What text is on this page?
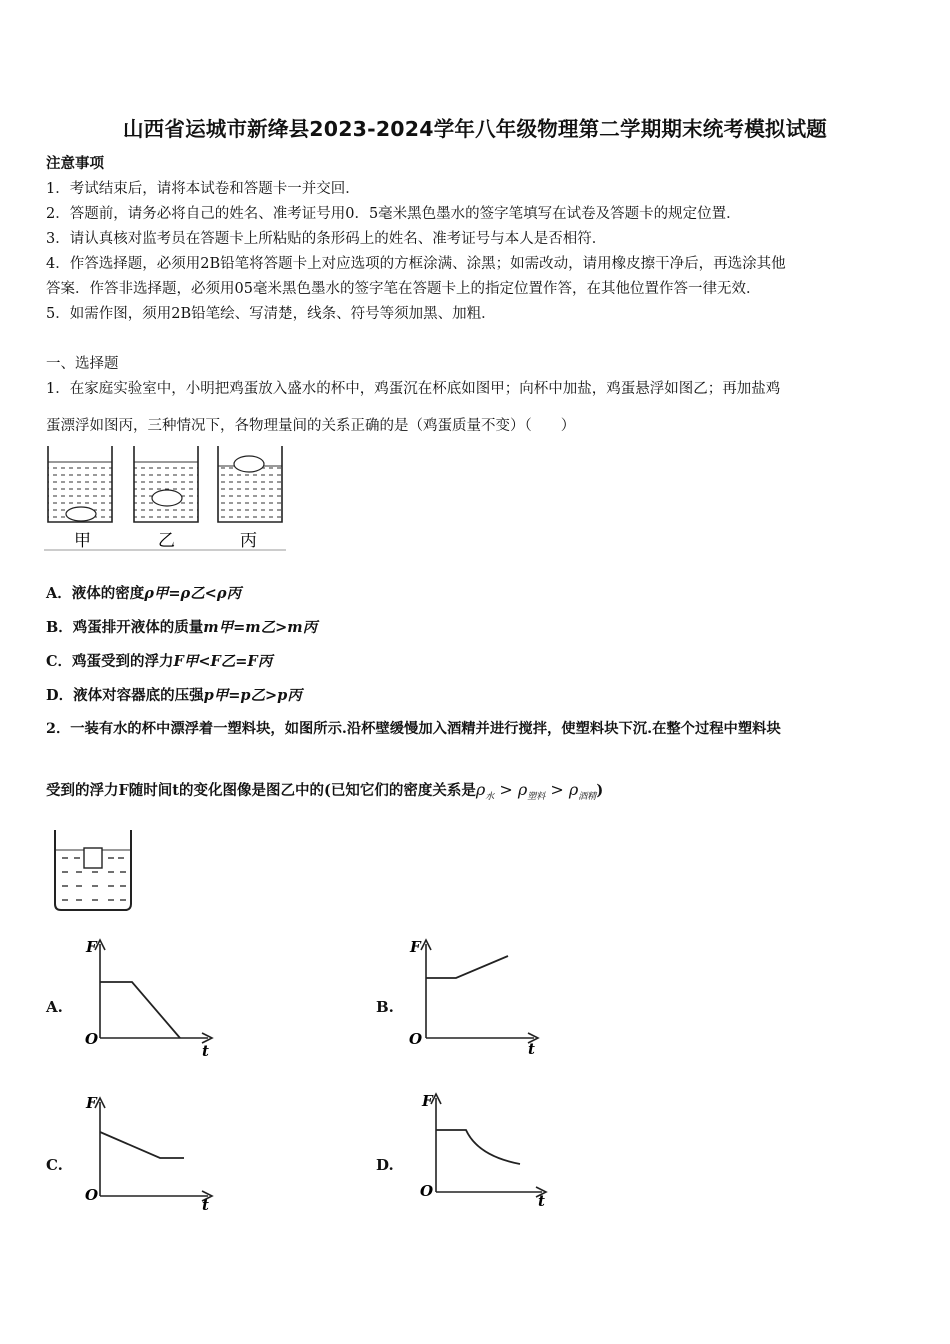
山西省运城市新绛县2023-2024学年八年级物理第二学期期末统考模拟试题
注意事项
1．考试结束后，请将本试卷和答题卡一并交回．
2．答题前，请务必将自己的姓名、准考证号用0．5毫米黑色墨水的签字笔填写在试卷及答题卡的规定位置．
3．请认真核对监考员在答题卡上所粘贴的条形码上的姓名、准考证号与本人是否相符．
4．作答选择题，必须用2B铅笔将答题卡上对应选项的方框涂满、涂黑；如需改动，请用橡皮擦干净后，再选涂其他
答案．作答非选择题，必须用05毫米黑色墨水的签字笔在答题卡上的指定位置作答，在其他位置作答一律无效．
5．如需作图，须用2B铅笔绘、写清楚，线条、符号等须加黑、加粗．
一、选择题
1．在家庭实验室中，小明把鸡蛋放入盛水的杯中，鸡蛋沉在杯底如图甲；向杯中加盐，鸡蛋悬浮如图乙；再加盐鸡
蛋漂浮如图丙，三种情况下，各物理量间的关系正确的是（鸡蛋质量不变）（　　）
甲	乙	丙
A．液体的密度ρ甲=ρ乙<ρ丙
B．鸡蛋排开液体的质量m甲=m乙>m丙
C．鸡蛋受到的浮力F甲<F乙=F丙
D．液体对容器底的压强p甲=p乙>p丙
2．一装有水的杯中漂浮着一塑料块，如图所示.沿杯壁缓慢加入酒精并进行搅拌，使塑料块下沉.在整个过程中塑料块
受到的浮力F随时间t的变化图像是图乙中的(已知它们的密度关系是$\rho_水 > \rho_{塑料} > \rho_{酒精}$)
A.	B.
C.	D.
F
O
t
F
O
t
F
O
t
F
O
t
